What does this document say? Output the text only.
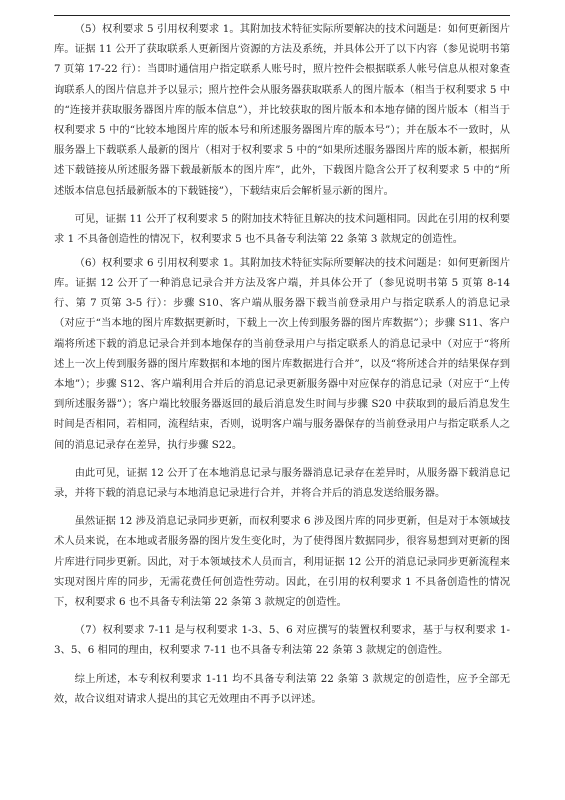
（5）权利要求 5 引用权利要求 1。其附加技术特征实际所要解决的技术问题是：如何更新图片库。证据 11 公开了获取联系人更新图片资源的方法及系统，并具体公开了以下内容（参见说明书第 7 页第 17-22 行）：当即时通信用户指定联系人账号时，照片控件会根据联系人帐号信息从根对象查询联系人的图片信息并予以显示；照片控件会从服务器获取联系人的图片版本（相当于权利要求 5 中的“连接并获取服务器图片库的版本信息”），并比较获取的图片版本和本地存储的图片版本（相当于权利要求 5 中的“比较本地图片库的版本号和所述服务器图片库的版本号”）；并在版本不一致时，从服务器上下载联系人最新的图片（相对于权利要求 5 中的“如果所述服务器图片库的版本新，根据所述下载链接从所述服务器下载最新版本的图片库”，此外，下载图片隐含公开了权利要求 5 中的“所述版本信息包括最新版本的下载链接”），下载结束后会解析显示新的图片。

可见，证据 11 公开了权利要求 5 的附加技术特征且解决的技术问题相同。因此在引用的权利要求 1 不具备创造性的情况下，权利要求 5 也不具备专利法第 22 条第 3 款规定的创造性。

（6）权利要求 6 引用权利要求 1。其附加技术特征实际所要解决的技术问题是：如何更新图片库。证据 12 公开了一种消息记录合并方法及客户端，并具体公开了（参见说明书第 5 页第 8-14 行、第 7 页第 3-5 行）：步骤 S10、客户端从服务器下载当前登录用户与指定联系人的消息记录（对应于“当本地的图片库数据更新时，下载上一次上传到服务器的图片库数据”）；步骤 S11、客户端将所述下载的消息记录合并到本地保存的当前登录用户与指定联系人的消息记录中（对应于“将所述上一次上传到服务器的图片库数据和本地的图片库数据进行合并”，以及“将所述合并的结果保存到本地”）；步骤 S12、客户端利用合并后的消息记录更新服务器中对应保存的消息记录（对应于“上传到所述服务器”）；客户端比较服务器返回的最后消息发生时间与步骤 S20 中获取到的最后消息发生时间是否相同，若相同，流程结束，否则，说明客户端与服务器保存的当前登录用户与指定联系人之间的消息记录存在差异，执行步骤 S22。

由此可见，证据 12 公开了在本地消息记录与服务器消息记录存在差异时，从服务器下载消息记录，并将下载的消息记录与本地消息记录进行合并，并将合并后的消息发送给服务器。

虽然证据 12 涉及消息记录同步更新，而权利要求 6 涉及图片库的同步更新，但是对于本领域技术人员来说，在本地或者服务器的图片发生变化时，为了使得图片数据同步，很容易想到对更新的图片库进行同步更新。因此，对于本领域技术人员而言，利用证据 12 公开的消息记录同步更新流程来实现对图片库的同步，无需花费任何创造性劳动。因此，在引用的权利要求 1 不具备创造性的情况下，权利要求 6 也不具备专利法第 22 条第 3 款规定的创造性。

（7）权利要求 7-11 是与权利要求 1-3、5、6 对应撰写的装置权利要求，基于与权利要求 1-3、5、6 相同的理由，权利要求 7-11 也不具备专利法第 22 条第 3 款规定的创造性。

综上所述，本专利权利要求 1-11 均不具备专利法第 22 条第 3 款规定的创造性，应予全部无效，故合议组对请求人提出的其它无效理由不再予以评述。
